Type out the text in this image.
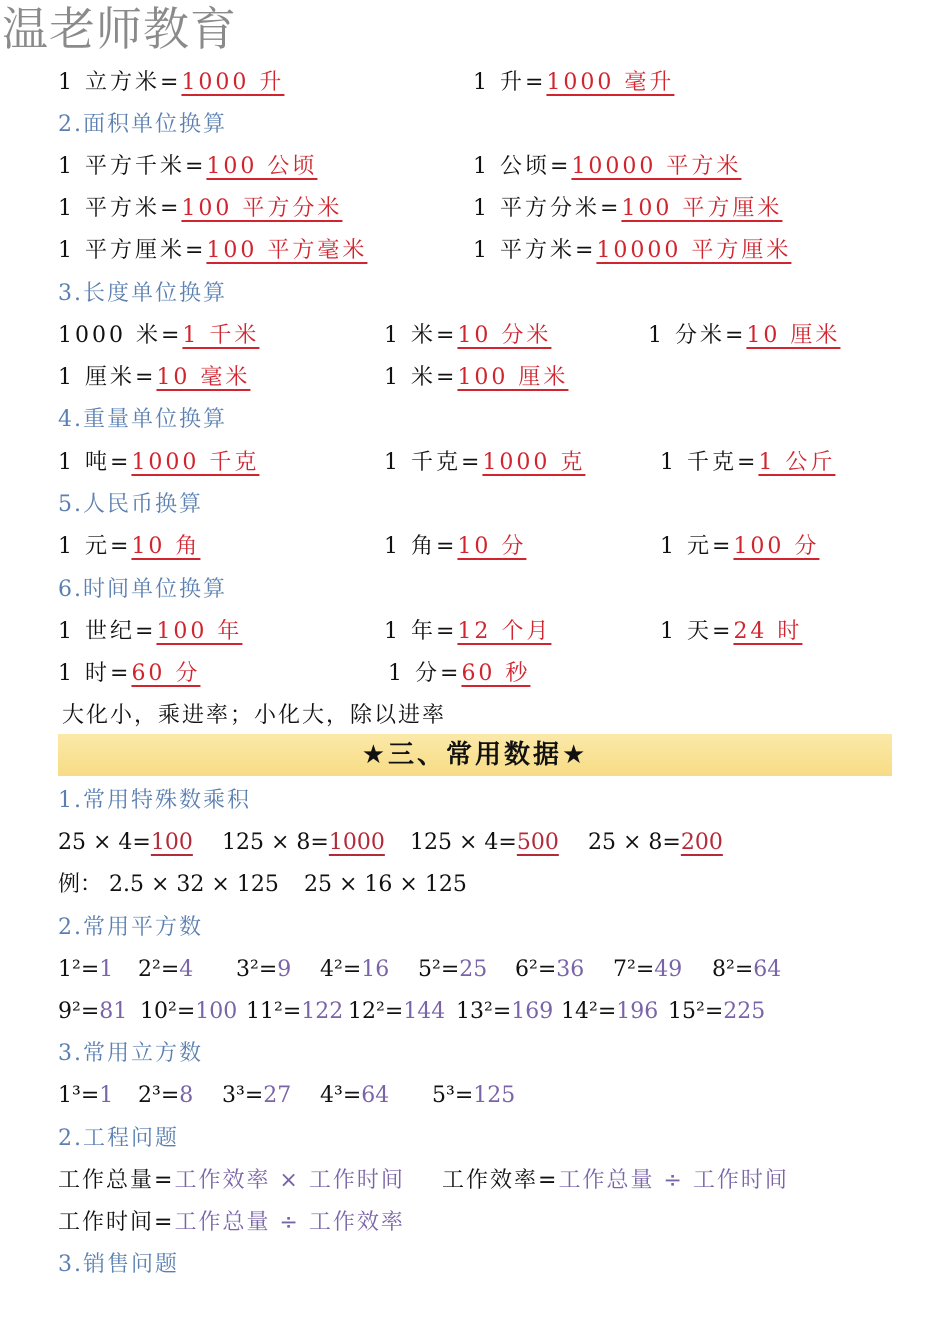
温老师教育
1 立方米=1000 升	1 升=1000 毫升
2.面积单位换算
1 平方千米=100 公顷	1 公顷=10000 平方米
1 平方米=100 平方分米	1 平方分米=100 平方厘米
1 平方厘米=100 平方毫米	1 平方米=10000 平方厘米
3.长度单位换算
1000 米=1 千米	1 米=10 分米	1 分米=10 厘米
1 厘米=10 毫米	1 米=100 厘米
4.重量单位换算
1 吨=1000 千克	1 千克=1000 克	1 千克=1 公斤
5.人民币换算
1 元=10 角	1 角=10 分	1 元=100 分
6.时间单位换算
1 世纪=100 年	1 年=12 个月	1 天=24 时
1 时=60 分	1 分=60 秒
大化小，乘进率；小化大，除以进率
★三、常用数据★
1.常用特殊数乘积
25 × 4=100 125 × 8=1000 125 × 4=500 25 × 8=200
例： 2.5 × 32 × 125 25 × 16 × 125
2.常用平方数
1²=1 2²=4 3²=9 4²=16 5²=25 6²=36 7²=49 8²=64
9²=81 10²=100 11²=122 12²=144 13²=169 14²=196 15²=225
3.常用立方数
1³=1 2³=8 3³=27 4³=64 5³=125
2.工程问题
工作总量=工作效率 × 工作时间 工作效率=工作总量 ÷ 工作时间
工作时间=工作总量 ÷ 工作效率
3.销售问题
